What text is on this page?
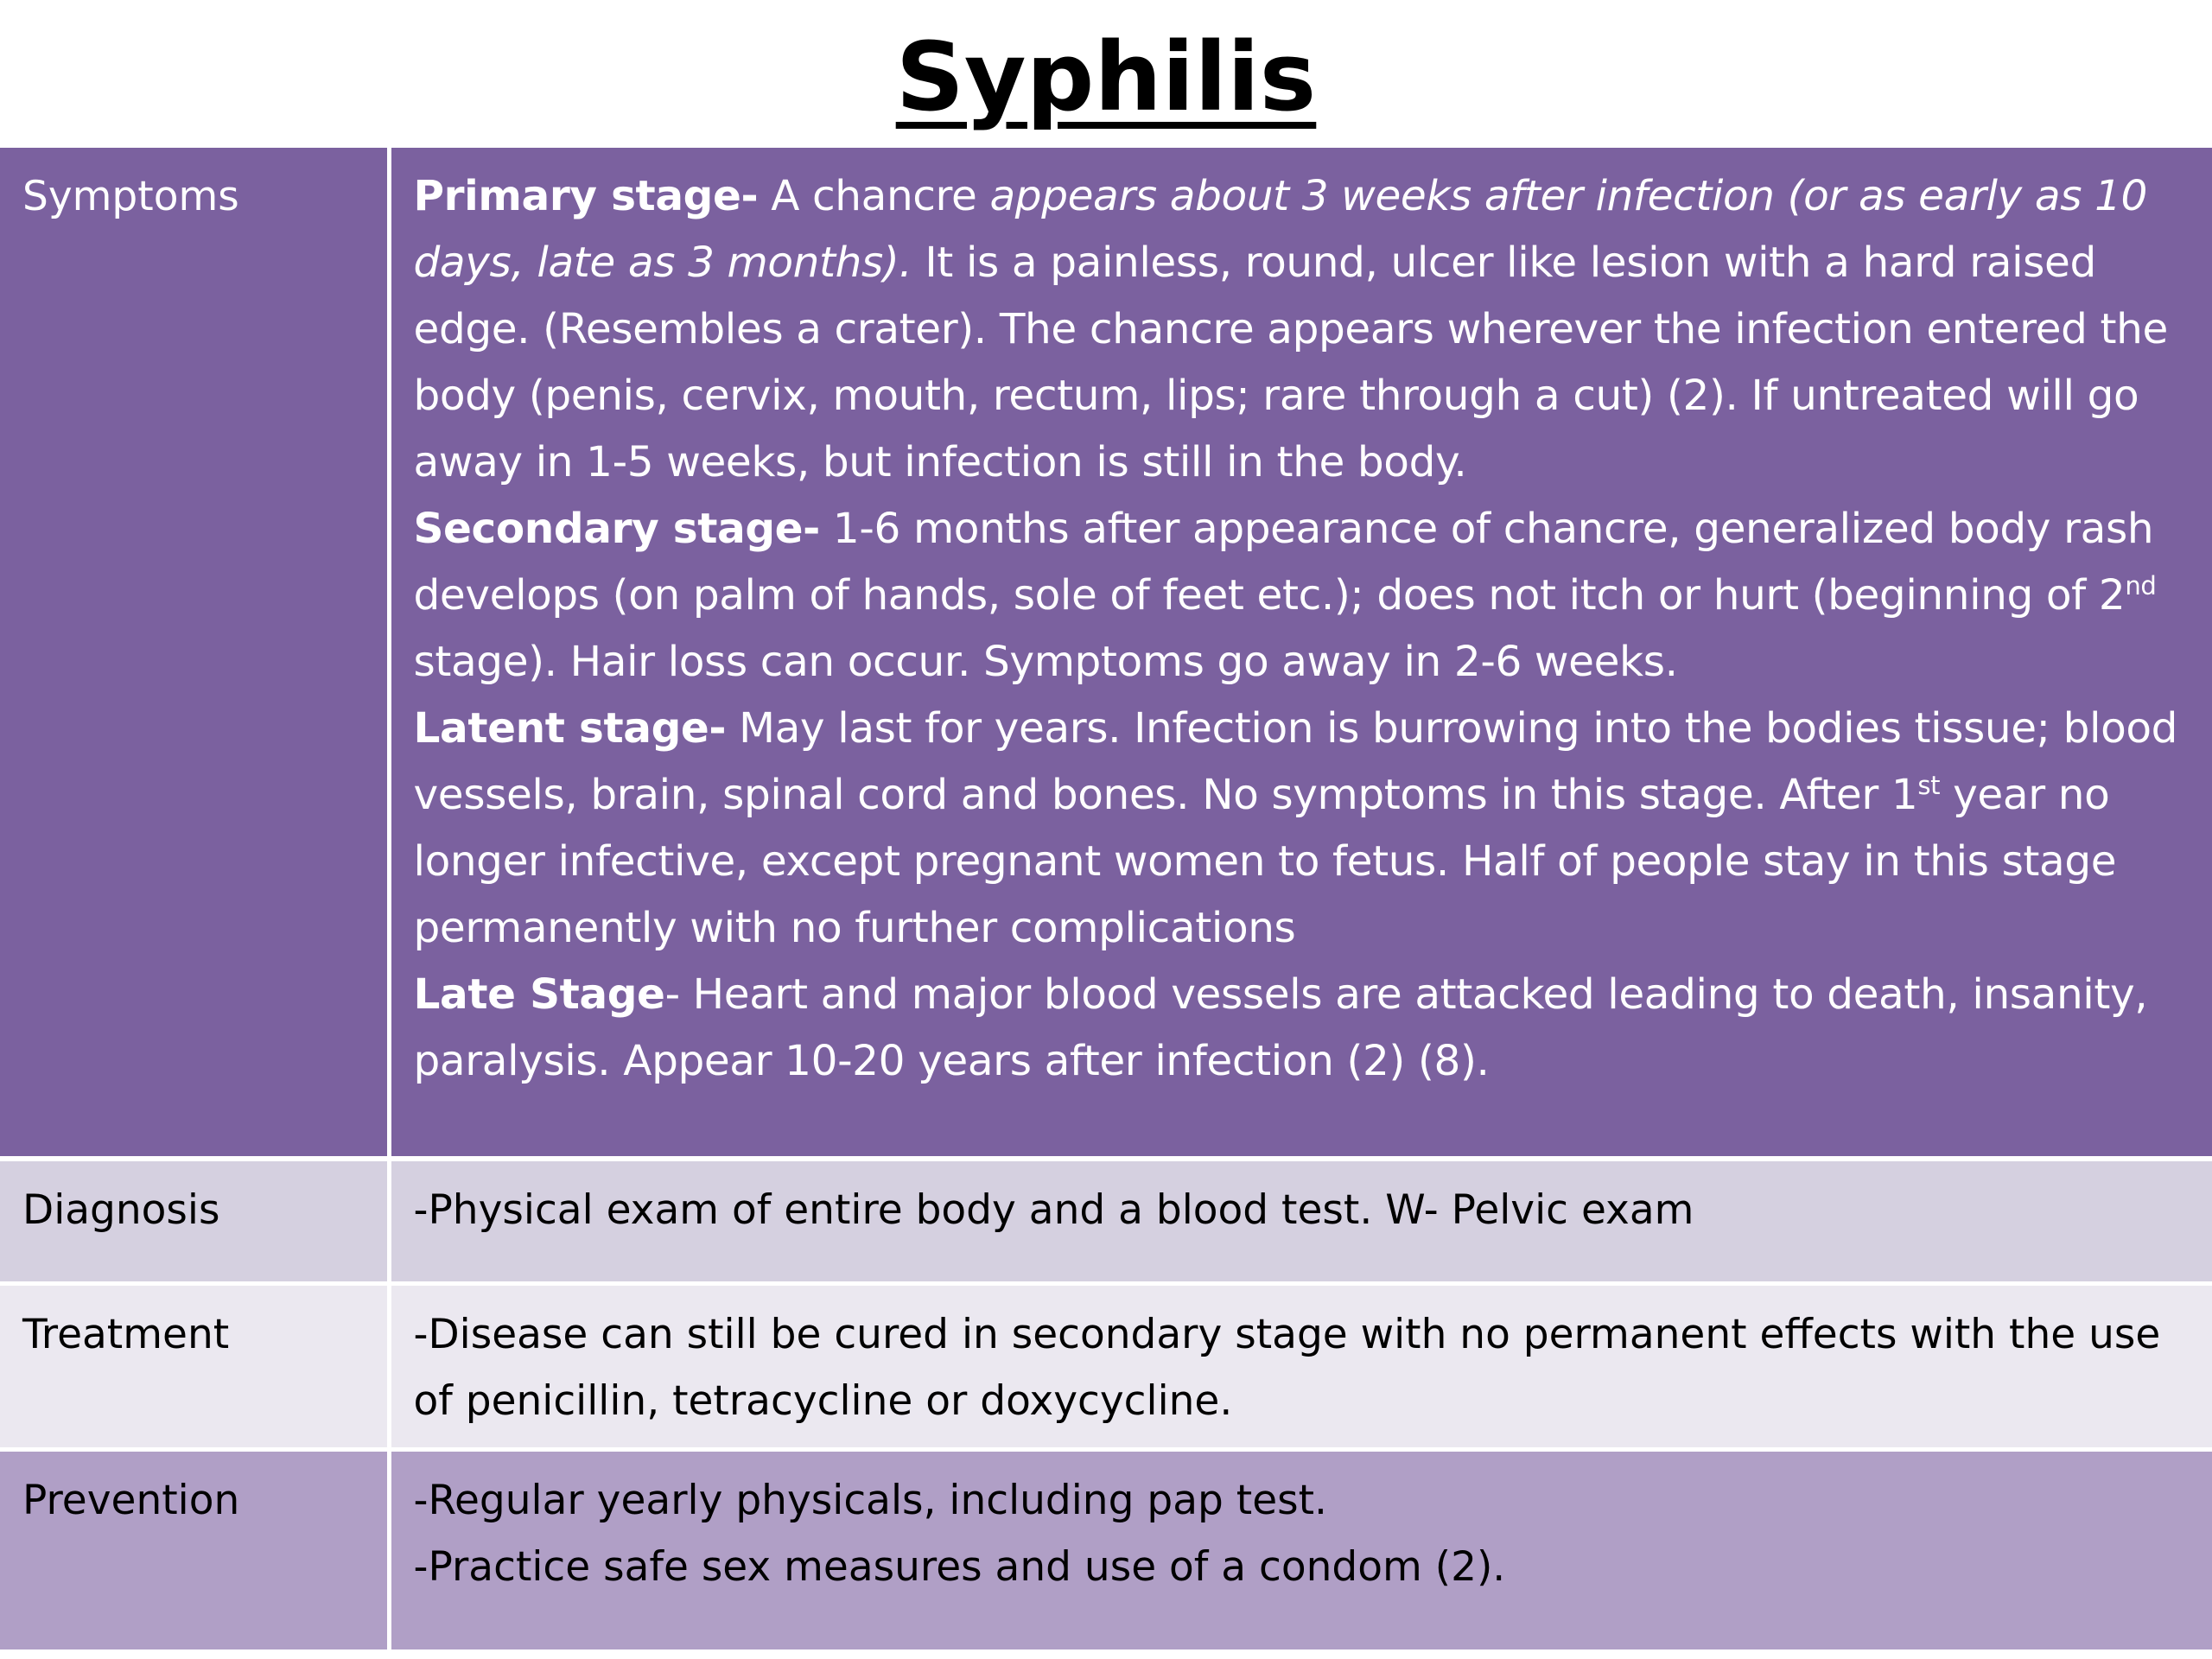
Syphilis
Symptoms	Primary stage- A chancre appears about 3 weeks after infection (or as early as 10 days, late as 3 months). It is a painless, round, ulcer like lesion with a hard raised edge. (Resembles a crater). The chancre appears wherever the infection entered the body (penis, cervix, mouth, rectum, lips; rare through a cut) (2). If untreated will go away in 1-5 weeks, but infection is still in the body.
Secondary stage- 1-6 months after appearance of chancre, generalized body rash develops (on palm of hands, sole of feet etc.); does not itch or hurt (beginning of 2nd stage). Hair loss can occur. Symptoms go away in 2-6 weeks.
Latent stage- May last for years. Infection is burrowing into the bodies tissue; blood vessels, brain, spinal cord and bones. No symptoms in this stage. After 1st year no longer infective, except pregnant women to fetus. Half of people stay in this stage permanently with no further complications
Late Stage- Heart and major blood vessels are attacked leading to death, insanity, paralysis. Appear 10-20 years after infection (2) (8).

Diagnosis	-Physical exam of entire body and a blood test. W- Pelvic exam
Treatment	-Disease can still be cured in secondary stage with no permanent effects with the use of penicillin, tetracycline or doxycycline.
Prevention	-Regular yearly physicals, including pap test.
-Practice safe sex measures and use of a condom (2).
